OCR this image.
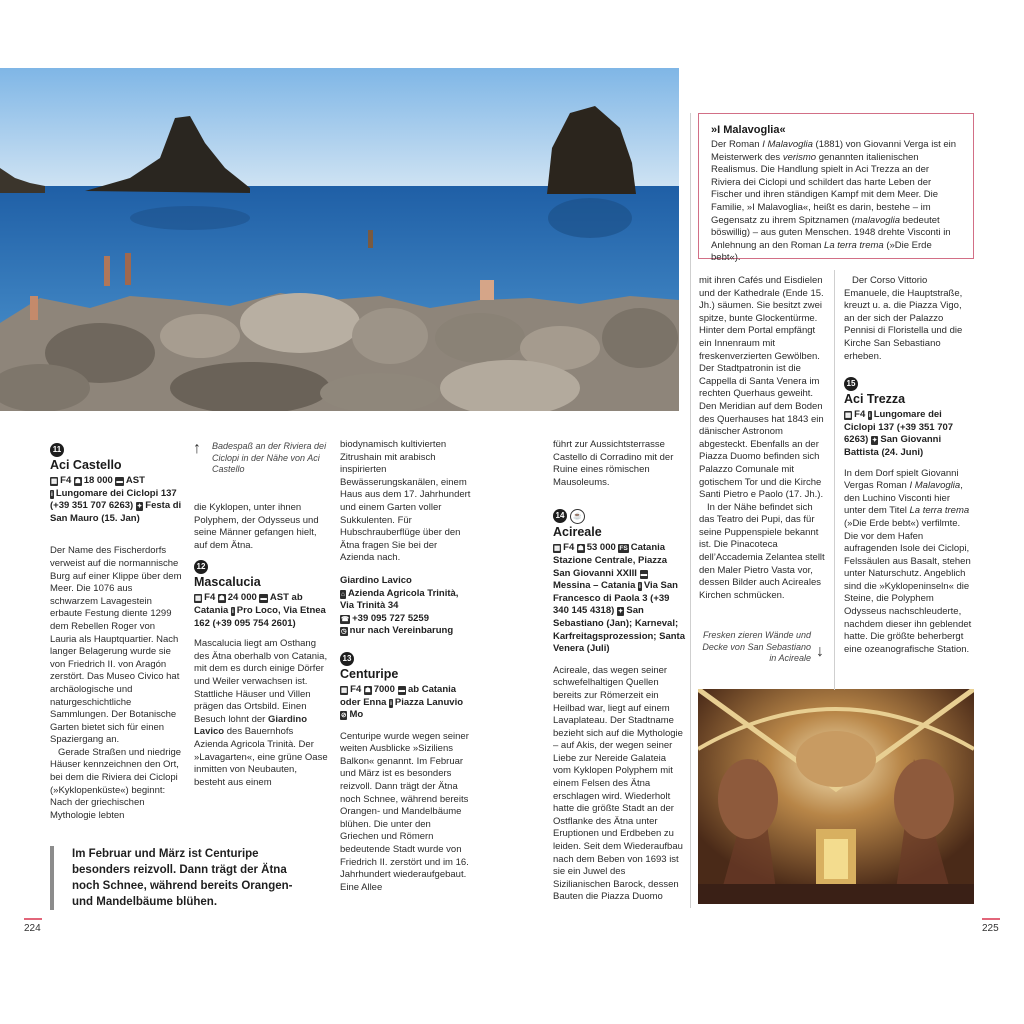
11
Aci Castello
▦ F4 ☗ 18 000 ▬ AST
i Lungomare dei Ciclopi 137 (+39 351 707 6263) ✦ Festa di San Mauro (15. Jan)

Der Name des Fischerdorfs verweist auf die normannische Burg auf einer Klippe über dem Meer. Die 1076 aus schwarzem Lavagestein erbaute Festung diente 1299 dem Rebellen Roger von Lauria als Hauptquartier. Nach langer Belagerung wurde sie von Friedrich II. von Aragón zerstört. Das Museo Civico hat archäologische und naturgeschichtliche Sammlungen. Der Botanische Garten bietet sich für einen Spaziergang an.

Gerade Straßen und niedrige Häuser kennzeichnen den Ort, bei dem die Riviera dei Ciclopi (»Kyklopenküste«) beginnt: Nach der griechischen Mythologie lebten

↑ Badespaß an der Riviera dei Ciclopi in der Nähe von Aci Castello

die Kyklopen, unter ihnen Polyphem, der Odysseus und seine Männer gefangen hielt, auf dem Ätna.

12
Mascalucia
▦ F4 ☗ 24 000 ▬ AST ab Catania i Pro Loco, Via Etnea 162 (+39 095 754 2601)

Mascalucia liegt am Osthang des Ätna oberhalb von Catania, mit dem es durch einige Dörfer und Weiler verwachsen ist. Stattliche Häuser und Villen prägen das Ortsbild. Einen Besuch lohnt der Giardino Lavico des Bauernhofs Azienda Agricola Trinità. Der »Lavagarten«, eine grüne Oase inmitten von Neubauten, besteht aus einem

biodynamisch kultivierten Zitrushain mit arabisch inspirierten Bewässerungskanälen, einem Haus aus dem 17. Jahrhundert und einem Garten voller Sukkulenten. Für Hubschrauberflüge über den Ätna fragen Sie bei der Azienda nach.

Giardino Lavico
⌂ Azienda Agricola Trinità, Via Trinità 34
☎ +39 095 727 5259
◷ nur nach Vereinbarung
13
Centuripe
▦ F4 ☗ 7000 ▬ ab Catania oder Enna i Piazza Lanuvio ⊘ Mo

Centuripe wurde wegen seiner weiten Ausblicke »Siziliens Balkon« genannt. Im Februar und März ist es besonders reizvoll. Dann trägt der Ätna noch Schnee, während bereits Orangen- und Mandelbäume blühen. Die unter den Griechen und Römern bedeutende Stadt wurde von Friedrich II. zerstört und im 16. Jahrhundert wiederaufgebaut. Eine Allee

führt zur Aussichtsterrasse Castello di Corradino mit der Ruine eines römischen Mausoleums.

14 ☕
Acireale
▦ F4 ☗ 53 000 FS Catania Stazione Centrale, Piazza San Giovanni XXIII ▬Messina – Catania i Via San Francesco di Paola 3 (+39 340 145 4318) ✦ San Sebastiano (Jan); Karneval; Karfreitagsprozession; Santa Venera (Juli)

Acireale, das wegen seiner schwefelhaltigen Quellen bereits zur Römerzeit ein Heilbad war, liegt auf einem Lavaplateau. Der Stadtname bezieht sich auf die Mythologie – auf Akis, der wegen seiner Liebe zur Nereide Galateia vom Kyklopen Polyphem mit einem Felsen des Ätna erschlagen wird. Wiederholt hatte die größte Stadt an der Ostflanke des Ätna unter Eruptionen und Erdbeben zu leiden. Seit dem Wiederaufbau nach dem Beben von 1693 ist sie ein Juwel des Sizilianischen Barock, dessen Bauten die Piazza Duomo

»I Malavoglia«

Der Roman I Malavoglia (1881) von Giovanni Verga ist ein Meisterwerk des verismo genannten italienischen Realismus. Die Handlung spielt in Aci Trezza an der Riviera dei Ciclopi und schildert das harte Leben der Fischer und ihren ständigen Kampf mit dem Meer. Die Familie, »I Malavoglia«, heißt es darin, bestehe – im Gegensatz zu ihrem Spitznamen (malavoglia bedeutet böswillig) – aus guten Menschen. 1948 drehte Visconti in Anlehnung an den Roman La terra trema (»Die Erde bebt«).

mit ihren Cafés und Eisdielen und der Kathedrale (Ende 15. Jh.) säumen. Sie besitzt zwei spitze, bunte Glockentürme. Hinter dem Portal empfängt ein Innenraum mit freskenverzierten Gewölben. Der Stadtpatronin ist die Cappella di Santa Venera im rechten Querhaus geweiht. Den Meridian auf dem Boden des Querhauses hat 1843 ein dänischer Astronom abgesteckt. Ebenfalls an der Piazza Duomo befinden sich Palazzo Comunale mit gotischem Tor und die Kirche Santi Pietro e Paolo (17. Jh.).

In der Nähe befindet sich das Teatro dei Pupi, das für seine Puppenspiele bekannt ist. Die Pinacoteca dell’Accademia Zelantea stellt den Maler Pietro Vasta vor, dessen Bilder auch Acireales Kirchen schmücken.

Fresken zieren Wände und Decke von San Sebastiano in Acireale ↓

Der Corso Vittorio Emanuele, die Hauptstraße, kreuzt u. a. die Piazza Vigo, an der sich der Palazzo Pennisi di Floristella und die Kirche San Sebastiano erheben.

15
Aci Trezza
▦ F4 i Lungomare dei Ciclopi 137 (+39 351 707 6263) ✦ San Giovanni Battista (24. Juni)

In dem Dorf spielt Giovanni Vergas Roman I Malavoglia, den Luchino Visconti hier unter dem Titel La terra trema (»Die Erde bebt«) verfilmte. Die vor dem Hafen aufragenden Isole dei Ciclopi, Felssäulen aus Basalt, stehen unter Naturschutz. Angeblich sind die »Kyklopeninseln« die Steine, die Polyphem Odysseus nachschleuderte, nachdem dieser ihn geblendet hatte. Die größte beherbergt eine ozeanografische Station.

Im Februar und März ist Centuripe besonders reizvoll. Dann trägt der Ätna noch Schnee, während bereits Orangen- und Mandelbäume blühen.

224	225
